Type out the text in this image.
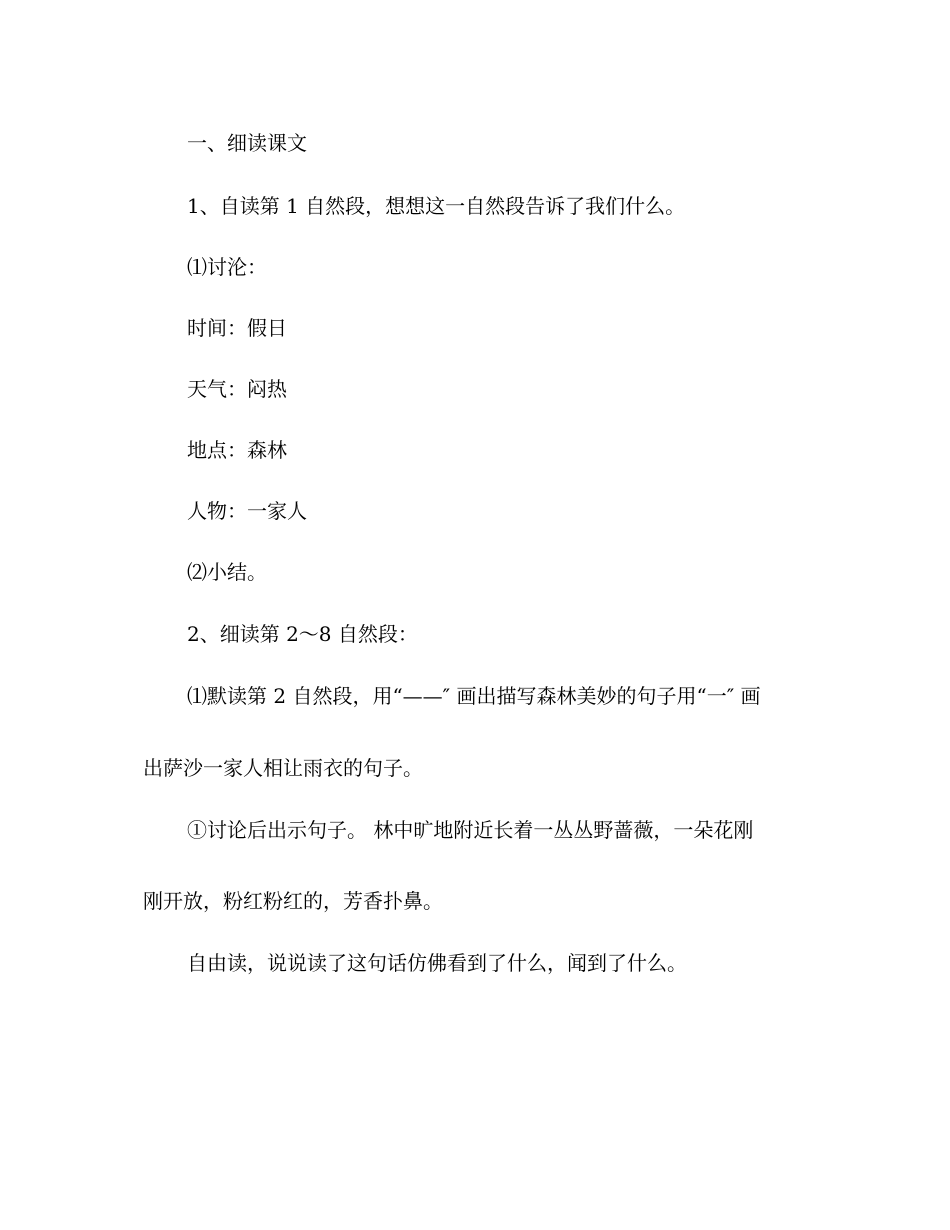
一、细读课文

1、自读第 1 自然段，想想这一自然段告诉了我们什么。

⑴讨沦：

时间：假日

天气：闷热

地点：森林

人物：一家人

⑵小结。

2、细读第 2～8 自然段：

⑴默读第 2 自然段，用“——″ 画出描写森林美妙的句子用“一″ 画

出萨沙一家人相让雨衣的句子。

①讨论后出示句子。 林中旷地附近长着一丛丛野蔷薇，一朵花刚

刚开放，粉红粉红的，芳香扑鼻。

自由读，说说读了这句话仿佛看到了什么，闻到了什么。
